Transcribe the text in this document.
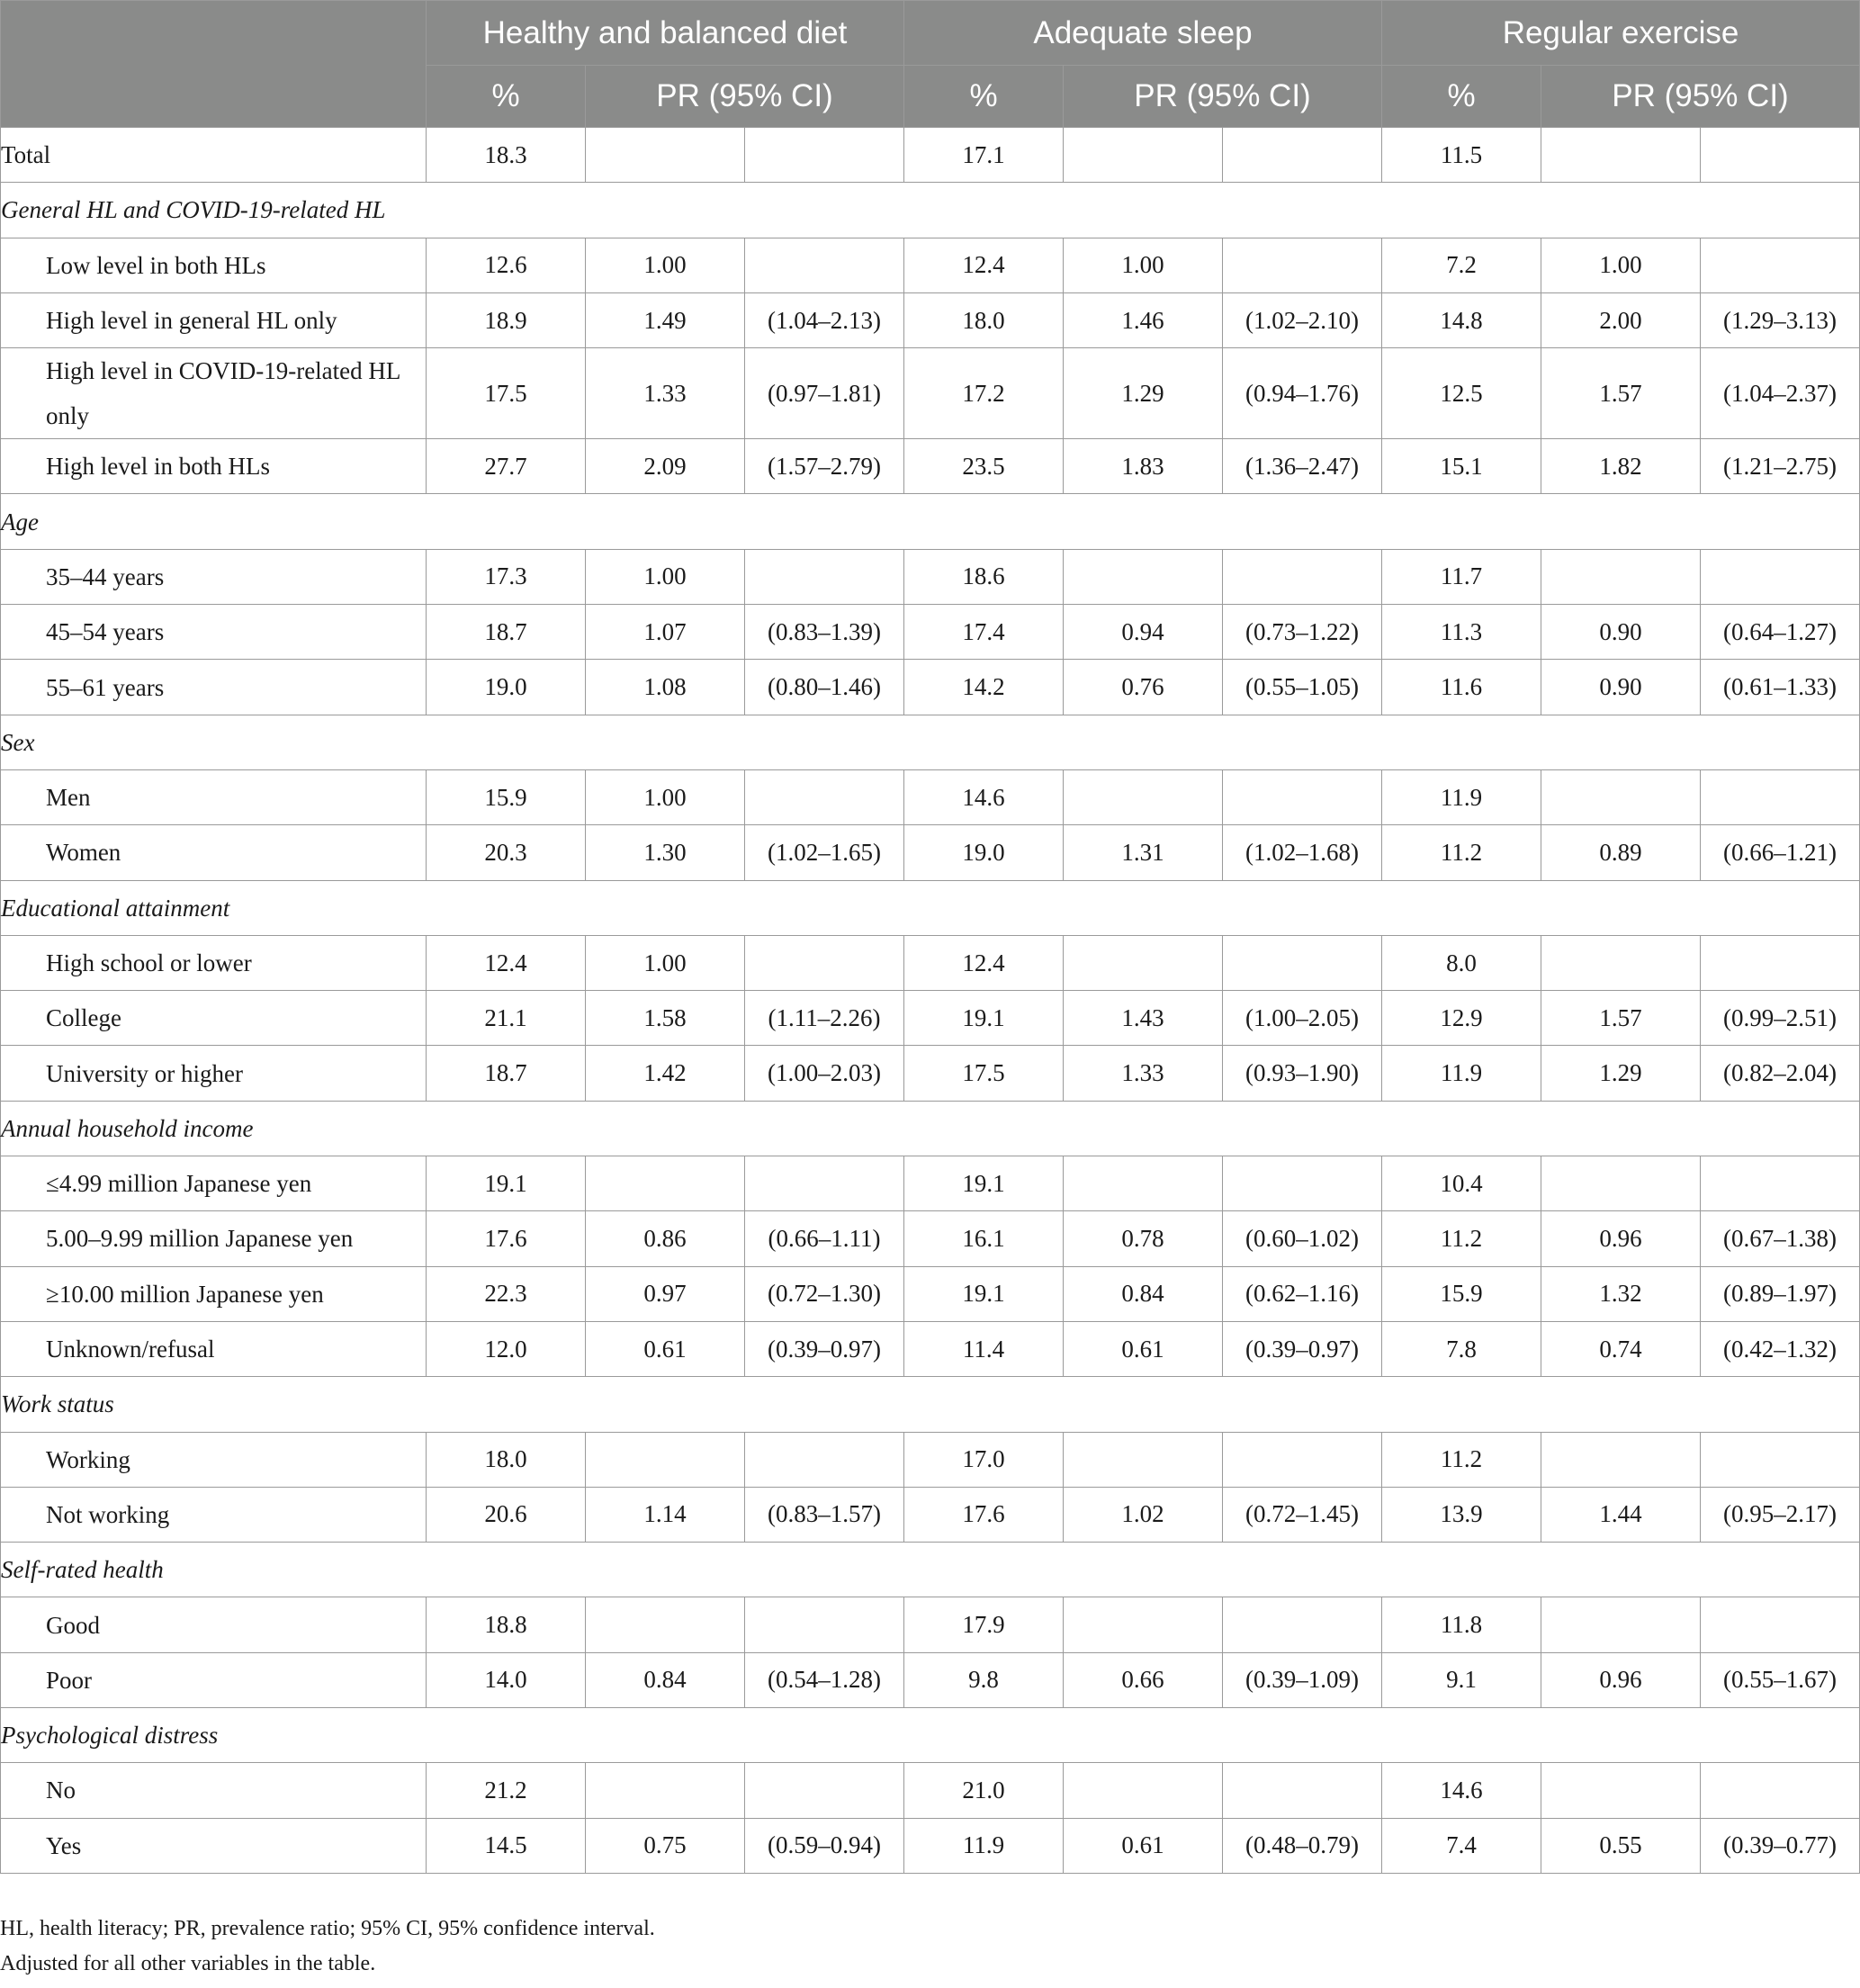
	Healthy and balanced diet			Adequate sleep			Regular exercise		
	%	PR (95% CI)		%	PR (95% CI)		%	PR (95% CI)	
Total	18.3			17.1			11.5		
General HL and COVID-19-related HL									
Low level in both HLs	12.6	1.00		12.4	1.00		7.2	1.00	
High level in general HL only	18.9	1.49	(1.04–2.13)	18.0	1.46	(1.02–2.10)	14.8	2.00	(1.29–3.13)
High level in COVID-19-related HL only	17.5	1.33	(0.97–1.81)	17.2	1.29	(0.94–1.76)	12.5	1.57	(1.04–2.37)
High level in both HLs	27.7	2.09	(1.57–2.79)	23.5	1.83	(1.36–2.47)	15.1	1.82	(1.21–2.75)
Age									
35–44 years	17.3	1.00		18.6			11.7		
45–54 years	18.7	1.07	(0.83–1.39)	17.4	0.94	(0.73–1.22)	11.3	0.90	(0.64–1.27)
55–61 years	19.0	1.08	(0.80–1.46)	14.2	0.76	(0.55–1.05)	11.6	0.90	(0.61–1.33)
Sex									
Men	15.9	1.00		14.6			11.9		
Women	20.3	1.30	(1.02–1.65)	19.0	1.31	(1.02–1.68)	11.2	0.89	(0.66–1.21)
Educational attainment									
High school or lower	12.4	1.00		12.4			8.0		
College	21.1	1.58	(1.11–2.26)	19.1	1.43	(1.00–2.05)	12.9	1.57	(0.99–2.51)
University or higher	18.7	1.42	(1.00–2.03)	17.5	1.33	(0.93–1.90)	11.9	1.29	(0.82–2.04)
Annual household income									
≤4.99 million Japanese yen	19.1			19.1			10.4		
5.00–9.99 million Japanese yen	17.6	0.86	(0.66–1.11)	16.1	0.78	(0.60–1.02)	11.2	0.96	(0.67–1.38)
≥10.00 million Japanese yen	22.3	0.97	(0.72–1.30)	19.1	0.84	(0.62–1.16)	15.9	1.32	(0.89–1.97)
Unknown/refusal	12.0	0.61	(0.39–0.97)	11.4	0.61	(0.39–0.97)	7.8	0.74	(0.42–1.32)
Work status									
Working	18.0			17.0			11.2		
Not working	20.6	1.14	(0.83–1.57)	17.6	1.02	(0.72–1.45)	13.9	1.44	(0.95–2.17)
Self-rated health									
Good	18.8			17.9			11.8		
Poor	14.0	0.84	(0.54–1.28)	9.8	0.66	(0.39–1.09)	9.1	0.96	(0.55–1.67)
Psychological distress									
No	21.2			21.0			14.6		
Yes	14.5	0.75	(0.59–0.94)	11.9	0.61	(0.48–0.79)	7.4	0.55	(0.39–0.77)
HL, health literacy; PR, prevalence ratio; 95% CI, 95% confidence interval.
Adjusted for all other variables in the table.
